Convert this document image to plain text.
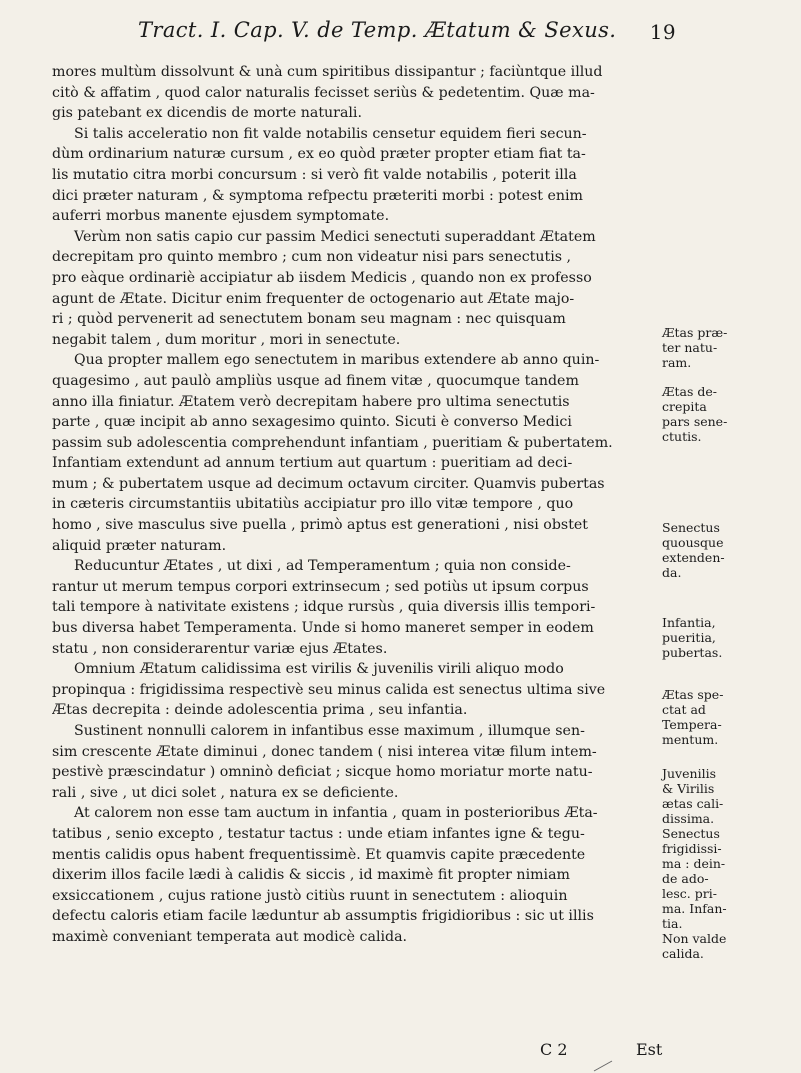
Tract. I. Cap. V. de Temp. Ætatum & Sexus. 19
mores multùm dissolvunt & unà cum spiritibus dissipantur ; faciùntque illud
citò & affatim , quod calor naturalis fecisset seriùs & pedetentim. Quæ ma-
gis patebant ex dicendis de morte naturali.
Si talis acceleratio non fit valde notabilis censetur equidem fieri secun-
dùm ordinarium naturæ cursum , ex eo quòd præter propter etiam fiat ta-
lis mutatio citra morbi concursum : si verò fit valde notabilis , poterit illa
dici præter naturam , & symptoma refpectu præteriti morbi : potest enim
auferri morbus manente ejusdem symptomate.
Verùm non satis capio cur passim Medici senectuti superaddant Ætatem
decrepitam pro quinto membro ; cum non videatur nisi pars senectutis ,
pro eàque ordinariè accipiatur ab iisdem Medicis , quando non ex professo
agunt de Ætate. Dicitur enim frequenter de octogenario aut Ætate majo-
ri ; quòd pervenerit ad senectutem bonam seu magnam : nec quisquam
negabit talem , dum moritur , mori in senectute.
Qua propter mallem ego senectutem in maribus extendere ab anno quin-
quagesimo , aut paulò ampliùs usque ad finem vitæ , quocumque tandem
anno illa finiatur. Ætatem verò decrepitam habere pro ultima senectutis
parte , quæ incipit ab anno sexagesimo quinto. Sicuti è converso Medici
passim sub adolescentia comprehendunt infantiam , pueritiam & pubertatem.
Infantiam extendunt ad annum tertium aut quartum : pueritiam ad deci-
mum ; & pubertatem usque ad decimum octavum circiter. Quamvis pubertas
in cæteris circumstantiis ubitatiùs accipiatur pro illo vitæ tempore , quo
homo , sive masculus sive puella , primò aptus est generationi , nisi obstet
aliquid præter naturam.
Reducuntur Ætates , ut dixi , ad Temperamentum ; quia non conside-
rantur ut merum tempus corpori extrinsecum ; sed potiùs ut ipsum corpus
tali tempore à nativitate existens ; idque rursùs , quia diversis illis tempori-
bus diversa habet Temperamenta. Unde si homo maneret semper in eodem
statu , non considerarentur variæ ejus Ætates.
Omnium Ætatum calidissima est virilis & juvenilis virili aliquo modo
propinqua : frigidissima respectivè seu minus calida est senectus ultima sive
Ætas decrepita : deinde adolescentia prima , seu infantia.
Sustinent nonnulli calorem in infantibus esse maximum , illumque sen-
sim crescente Ætate diminui , donec tandem ( nisi interea vitæ filum intem-
pestivè præscindatur ) omninò deficiat ; sicque homo moriatur morte natu-
rali , sive , ut dici solet , natura ex se deficiente.
At calorem non esse tam auctum in infantia , quam in posterioribus Æta-
tatibus , senio excepto , testatur tactus : unde etiam infantes igne & tegu-
mentis calidis opus habent frequentissimè. Et quamvis capite præcedente
dixerim illos facile lædi à calidis & siccis , id maximè fit propter nimiam
exsiccationem , cujus ratione justò citiùs ruunt in senectutem : alioquin
defectu caloris etiam facile læduntur ab assumptis frigidioribus : sic ut illis
maximè conveniant temperata aut modicè calida.
Ætas præ-
ter natu-
ram.
Ætas de-
crepita
pars sene-
ctutis.
Senectus
quousque
extenden-
da.
Infantia,
pueritia,
pubertas.
Ætas spe-
ctat ad
Tempera-
mentum.
Juvenilis
& Virilis
ætas cali-
dissima.
Senectus
frigidissi-
ma : dein-
de ado-
lesc. pri-
ma. Infan-
tia.
Non valde
calida.
C 2	Est
